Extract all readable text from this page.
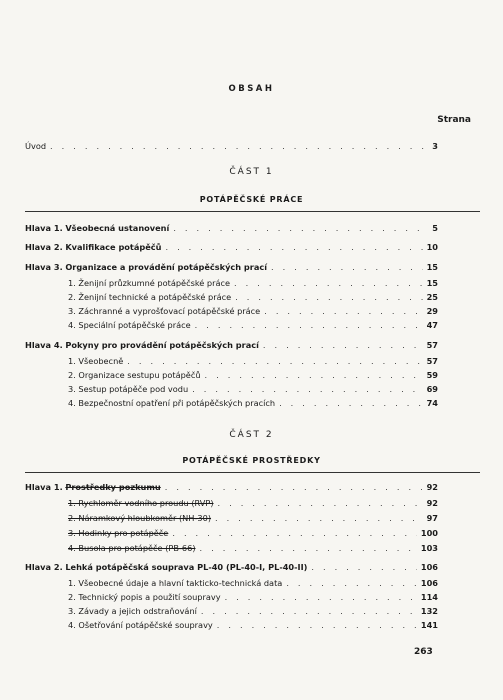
OBSAH
Strana
Úvod . . .	3
ČÁST 1
POTÁPĚČSKÉ PRÁCE
Hlava 1. Všeobecná ustanovení . . .	5
Hlava 2. Kvalifikace potápěčů . . .	10
Hlava 3. Organizace a provádění potápěčských prací . . .	15
1. Ženijní průzkumné potápěčské práce . . .	15
2. Ženijní technické a potápěčské práce . . .	25
3. Záchranné a vyprošťovací potápěčské práce . . .	29
4. Speciální potápěčské práce . . .	47
Hlava 4. Pokyny pro provádění potápěčských prací . . .	57
1. Všeobecně . . .	57
2. Organizace sestupu potápěčů . . .	59
3. Sestup potápěče pod vodu . . .	69
4. Bezpečnostní opatření při potápěčských pracích . . .	74
ČÁST 2
POTÁPĚČSKÉ PROSTŘEDKY
Hlava 1. Prostředky pozkumu . . .	92
1. Rychloměr vodního proudu (RVP) . . .	92
2. Náramkový hloubkoměr (NH-30) . . .	97
3. Hodinky pro potápěče . . .	100
4. Busola pro potápěče (PB-66) . . .	103
Hlava 2. Lehká potápěčská souprava PL-40 (PL-40-I, PL-40-II) . . .	106
1. Všeobecné údaje a hlavní takticko-technická data . . .	106
2. Technický popis a použití soupravy . . .	114
3. Závady a jejich odstraňování . . .	132
4. Ošetřování potápěčské soupravy . . .	141
263
